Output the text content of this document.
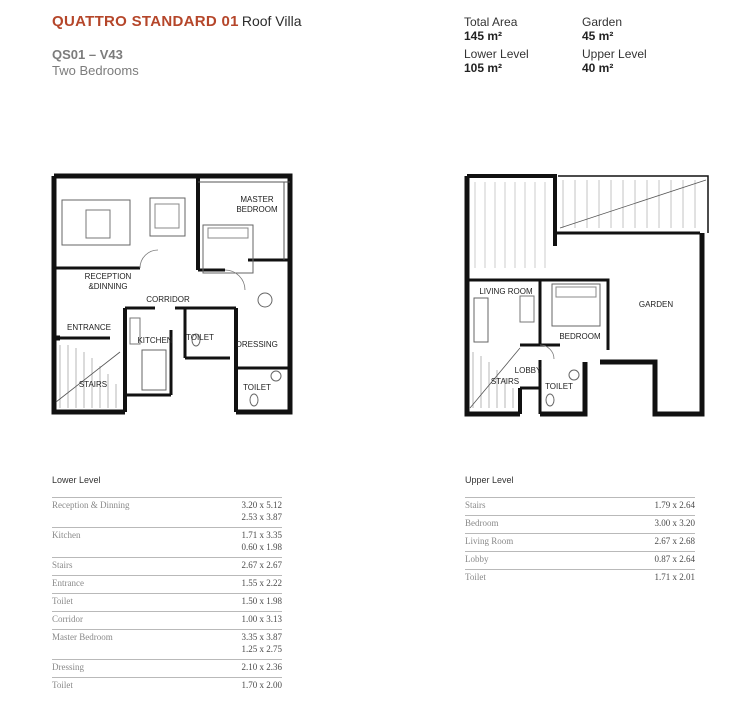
QUATTRO STANDARD 01 Roof Villa
QS01 – V43
Two Bedrooms
Total Area
145 m²
Garden
45 m²
Lower Level
105 m²
Upper Level
40 m²
MASTER
BEDROOM
RECEPTION
&DINNING
CORRIDOR
ENTRANCE
KITCHEN TOILET
DRESSING
TOILET
STAIRS
LIVING ROOM
GARDEN
BEDROOM
LOBBY
STAIRS
TOILET
Lower Level
Reception & Dinning	3.20 x 5.12
2.53 x 3.87

Kitchen	1.71 x 3.35
0.60 x 1.98

Stairs	2.67 x 2.67

Entrance	1.55 x 2.22

Toilet	1.50 x 1.98

Corridor	1.00 x 3.13

Master Bedroom	3.35 x 3.87
1.25 x 2.75

Dressing	2.10 x 2.36

Toilet	1.70 x 2.00
Upper Level
Stairs	1.79 x 2.64

Bedroom	3.00 x 3.20

Living Room	2.67 x 2.68

Lobby	0.87 x 2.64

Toilet	1.71 x 2.01
